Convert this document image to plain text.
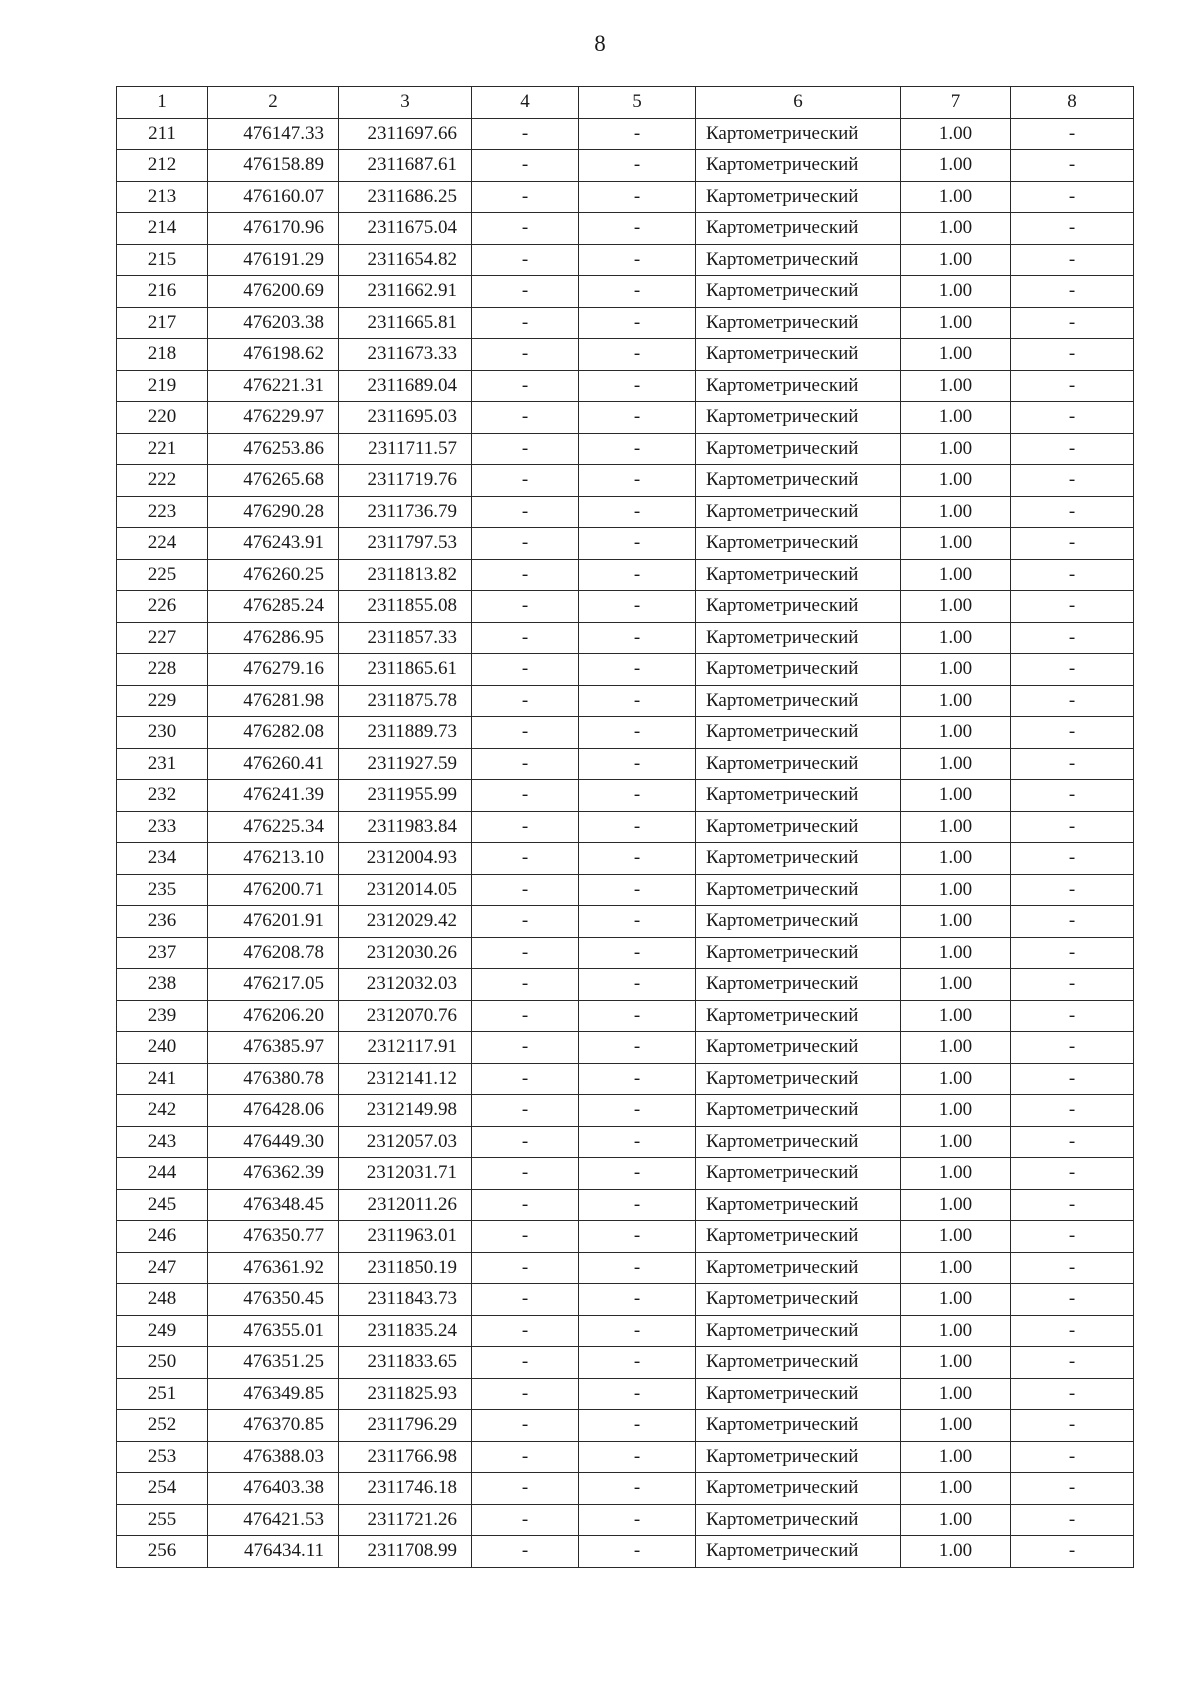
8
1	2	3	4	5	6	7	8
211	476147.33	2311697.66	-	-	Картометрический	1.00	-
212	476158.89	2311687.61	-	-	Картометрический	1.00	-
213	476160.07	2311686.25	-	-	Картометрический	1.00	-
214	476170.96	2311675.04	-	-	Картометрический	1.00	-
215	476191.29	2311654.82	-	-	Картометрический	1.00	-
216	476200.69	2311662.91	-	-	Картометрический	1.00	-
217	476203.38	2311665.81	-	-	Картометрический	1.00	-
218	476198.62	2311673.33	-	-	Картометрический	1.00	-
219	476221.31	2311689.04	-	-	Картометрический	1.00	-
220	476229.97	2311695.03	-	-	Картометрический	1.00	-
221	476253.86	2311711.57	-	-	Картометрический	1.00	-
222	476265.68	2311719.76	-	-	Картометрический	1.00	-
223	476290.28	2311736.79	-	-	Картометрический	1.00	-
224	476243.91	2311797.53	-	-	Картометрический	1.00	-
225	476260.25	2311813.82	-	-	Картометрический	1.00	-
226	476285.24	2311855.08	-	-	Картометрический	1.00	-
227	476286.95	2311857.33	-	-	Картометрический	1.00	-
228	476279.16	2311865.61	-	-	Картометрический	1.00	-
229	476281.98	2311875.78	-	-	Картометрический	1.00	-
230	476282.08	2311889.73	-	-	Картометрический	1.00	-
231	476260.41	2311927.59	-	-	Картометрический	1.00	-
232	476241.39	2311955.99	-	-	Картометрический	1.00	-
233	476225.34	2311983.84	-	-	Картометрический	1.00	-
234	476213.10	2312004.93	-	-	Картометрический	1.00	-
235	476200.71	2312014.05	-	-	Картометрический	1.00	-
236	476201.91	2312029.42	-	-	Картометрический	1.00	-
237	476208.78	2312030.26	-	-	Картометрический	1.00	-
238	476217.05	2312032.03	-	-	Картометрический	1.00	-
239	476206.20	2312070.76	-	-	Картометрический	1.00	-
240	476385.97	2312117.91	-	-	Картометрический	1.00	-
241	476380.78	2312141.12	-	-	Картометрический	1.00	-
242	476428.06	2312149.98	-	-	Картометрический	1.00	-
243	476449.30	2312057.03	-	-	Картометрический	1.00	-
244	476362.39	2312031.71	-	-	Картометрический	1.00	-
245	476348.45	2312011.26	-	-	Картометрический	1.00	-
246	476350.77	2311963.01	-	-	Картометрический	1.00	-
247	476361.92	2311850.19	-	-	Картометрический	1.00	-
248	476350.45	2311843.73	-	-	Картометрический	1.00	-
249	476355.01	2311835.24	-	-	Картометрический	1.00	-
250	476351.25	2311833.65	-	-	Картометрический	1.00	-
251	476349.85	2311825.93	-	-	Картометрический	1.00	-
252	476370.85	2311796.29	-	-	Картометрический	1.00	-
253	476388.03	2311766.98	-	-	Картометрический	1.00	-
254	476403.38	2311746.18	-	-	Картометрический	1.00	-
255	476421.53	2311721.26	-	-	Картометрический	1.00	-
256	476434.11	2311708.99	-	-	Картометрический	1.00	-
